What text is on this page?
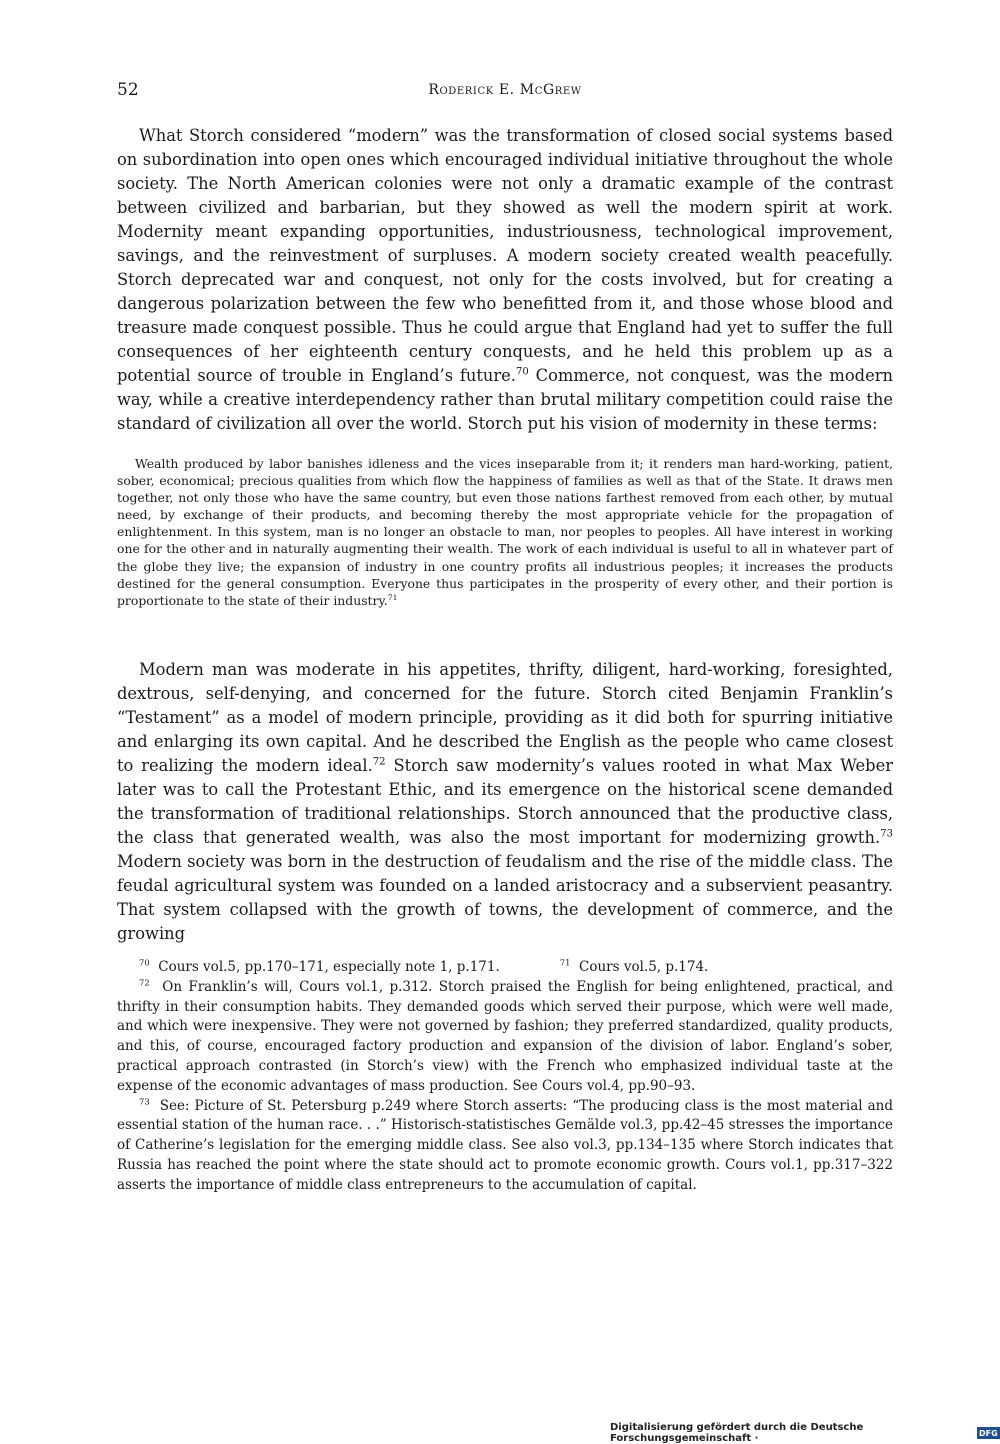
52	Roderick E. McGrew

What Storch considered “modern” was the transformation of closed social systems based on subordination into open ones which encouraged individual initiative throughout the whole society. The North American colonies were not only a dramatic example of the contrast between civilized and barbarian, but they showed as well the modern spirit at work. Modernity meant expanding opportunities, industriousness, technological improvement, savings, and the reinvestment of surpluses. A modern society created wealth peacefully. Storch deprecated war and conquest, not only for the costs involved, but for creating a dangerous polarization between the few who benefitted from it, and those whose blood and treasure made conquest possible. Thus he could argue that England had yet to suffer the full consequences of her eighteenth century conquests, and he held this problem up as a potential source of trouble in England’s future.$^{70}$ Commerce, not conquest, was the modern way, while a creative interdependency rather than brutal military competition could raise the standard of civilization all over the world. Storch put his vision of modernity in these terms:

Wealth produced by labor banishes idleness and the vices inseparable from it; it renders man hard-working, patient, sober, economical; precious qualities from which flow the happiness of families as well as that of the State. It draws men together, not only those who have the same country, but even those nations farthest removed from each other, by mutual need, by exchange of their products, and becoming thereby the most appropriate vehicle for the propagation of enlightenment. In this system, man is no longer an obstacle to man, nor peoples to peoples. All have interest in working one for the other and in naturally augmenting their wealth. The work of each individual is useful to all in whatever part of the globe they live; the expansion of industry in one country profits all industrious peoples; it increases the products destined for the general consumption. Everyone thus participates in the prosperity of every other, and their portion is proportionate to the state of their industry.$^{71}$

Modern man was moderate in his appetites, thrifty, diligent, hard-working, foresighted, dextrous, self-denying, and concerned for the future. Storch cited Benjamin Franklin’s “Testament” as a model of modern principle, providing as it did both for spurring initiative and enlarging its own capital. And he described the English as the people who came closest to realizing the modern ideal.$^{72}$ Storch saw modernity’s values rooted in what Max Weber later was to call the Protestant Ethic, and its emergence on the historical scene demanded the transformation of traditional relationships. Storch announced that the productive class, the class that generated wealth, was also the most important for modernizing growth.$^{73}$ Modern society was born in the destruction of feudalism and the rise of the middle class. The feudal agricultural system was founded on a landed aristocracy and a subservient peasantry. That system collapsed with the growth of towns, the development of commerce, and the growing

$^{70}$ Cours vol.5, pp.170–171, especially note 1, p.171.	$^{71}$ Cours vol.5, p.174.

$^{72}$ On Franklin’s will, Cours vol.1, p.312. Storch praised the English for being enlightened, practical, and thrifty in their consumption habits. They demanded goods which served their purpose, which were well made, and which were inexpensive. They were not governed by fashion; they preferred standardized, quality products, and this, of course, encouraged factory production and expansion of the division of labor. England’s sober, practical approach contrasted (in Storch’s view) with the French who emphasized individual taste at the expense of the economic advantages of mass production. See Cours vol.4, pp.90–93.

$^{73}$ See: Picture of St. Petersburg p.249 where Storch asserts: “The producing class is the most material and essential station of the human race. . .” Historisch-statistisches Gemälde vol.3, pp.42–45 stresses the importance of Catherine’s legislation for the emerging middle class. See also vol.3, pp.134–135 where Storch indicates that Russia has reached the point where the state should act to promote economic growth. Cours vol.1, pp.317–322 asserts the importance of middle class entrepreneurs to the accumulation of capital.

Digitalisierung gefördert durch die Deutsche Forschungsgemeinschaft ·	DFG
